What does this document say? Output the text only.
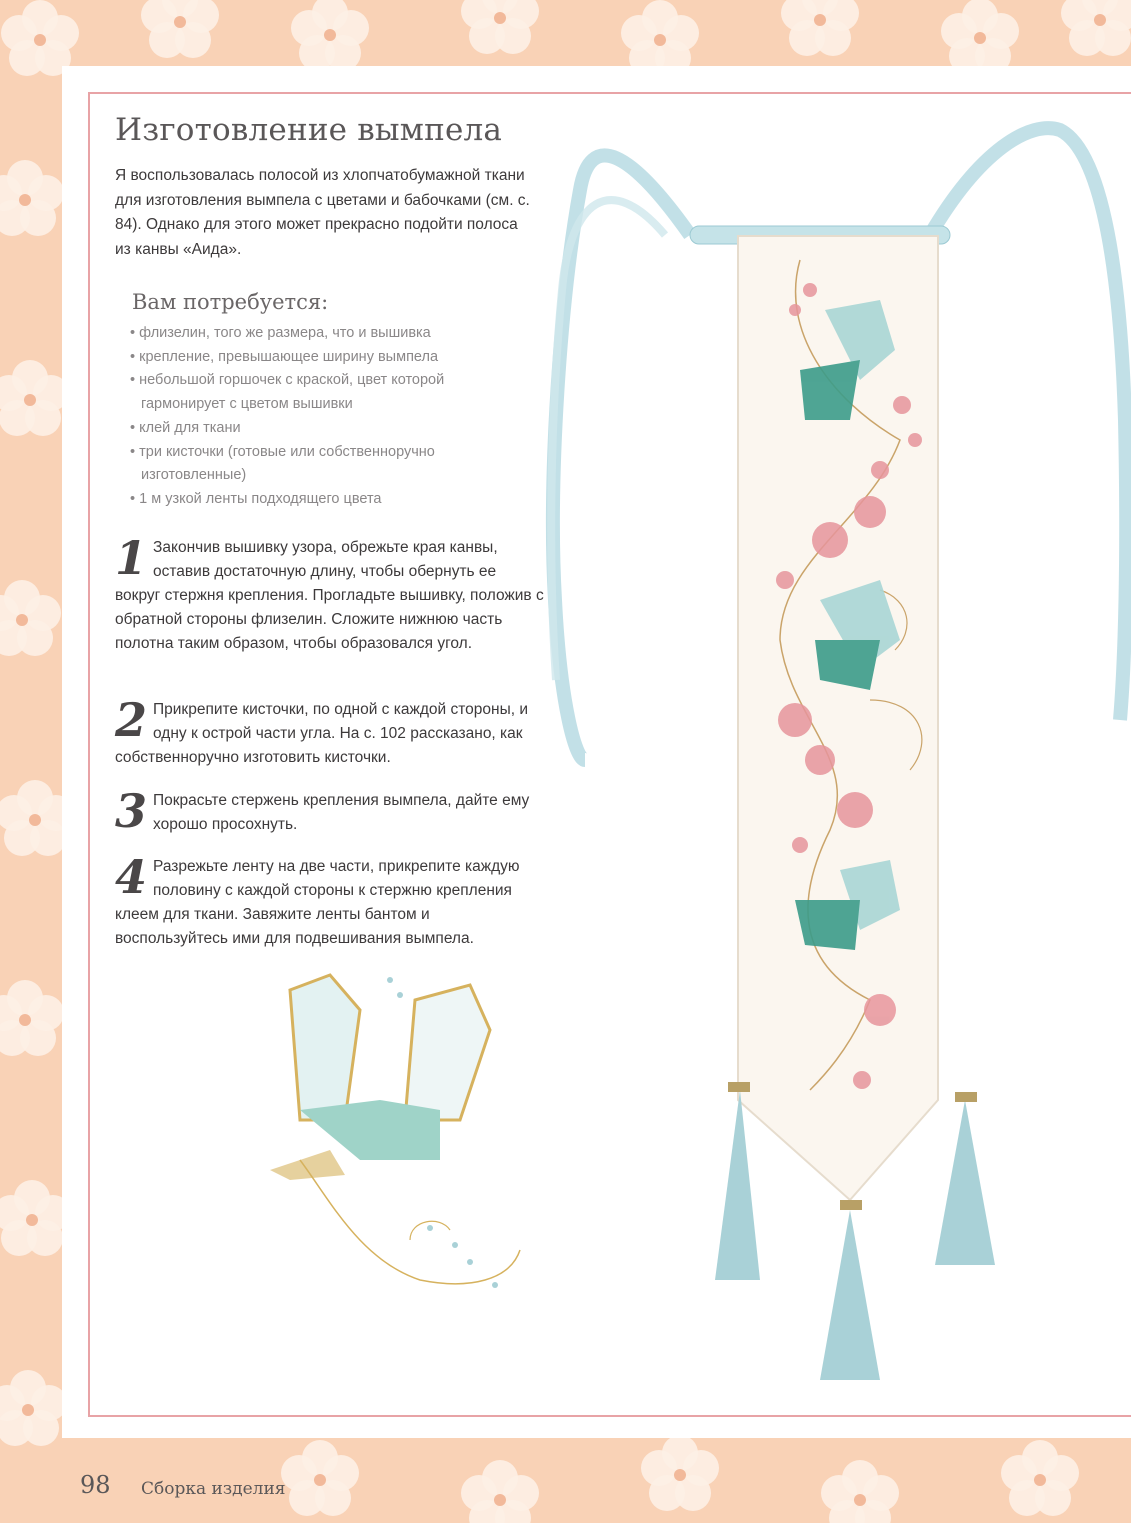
Изготовление вымпела

Я воспользовалась полосой из хлопчатобумажной ткани для изготовления вымпела с цветами и бабочками (см. с. 84). Однако для этого может прекрасно подойти полоса из канвы «Аида».

Вам потребуется:
• флизелин, того же размера, что и вышивка
• крепление, превышающее ширину вымпела
• небольшой горшочек с краской, цвет которой гармонирует с цветом вышивки
• клей для ткани
• три кисточки (готовые или собственноручно изготовленные)
• 1 м узкой ленты подходящего цвета

1 Закончив вышивку узора, обрежьте края канвы, оставив достаточную длину, чтобы обернуть ее вокруг стержня крепления. Прогладьте вышивку, положив с обратной стороны флизелин. Сложите нижнюю часть полотна таким образом, чтобы образовался угол.

2 Прикрепите кисточки, по одной с каждой стороны, и одну к острой части угла. На с. 102 рассказано, как собственноручно изготовить кисточки.

3 Покрасьте стержень крепления вымпела, дайте ему хорошо просохнуть.

4 Разрежьте ленту на две части, прикрепите каждую половину с каждой стороны к стержню крепления клеем для ткани. Завяжите ленты бантом и воспользуйтесь ими для подвешивания вымпела.

98 Сборка изделия
